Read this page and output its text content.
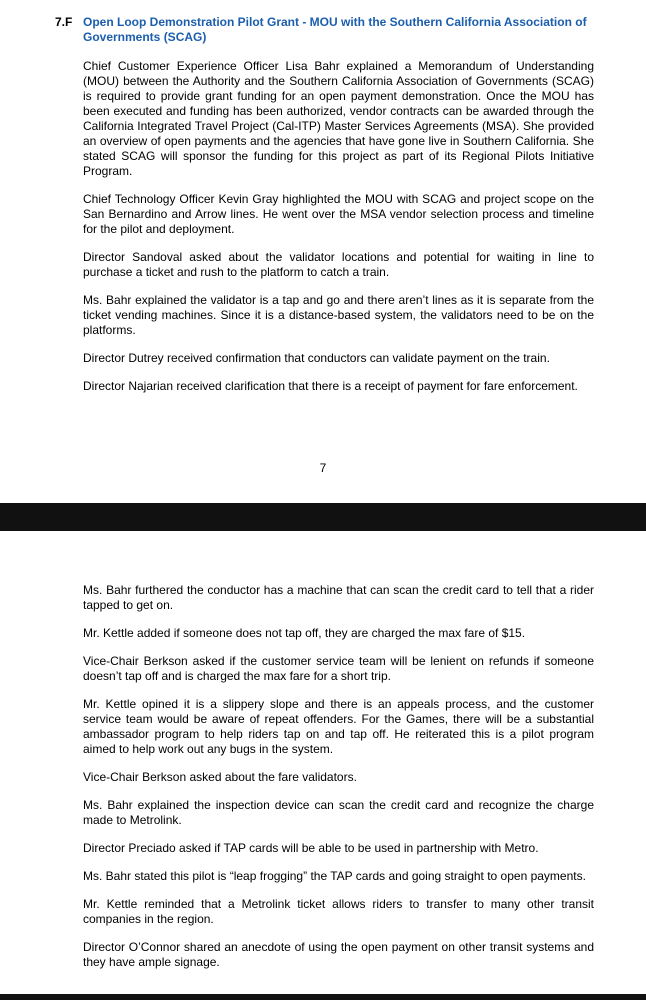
7.F Open Loop Demonstration Pilot Grant - MOU with the Southern California Association of Governments (SCAG)

Chief Customer Experience Officer Lisa Bahr explained a Memorandum of Understanding (MOU) between the Authority and the Southern California Association of Governments (SCAG) is required to provide grant funding for an open payment demonstration. Once the MOU has been executed and funding has been authorized, vendor contracts can be awarded through the California Integrated Travel Project (Cal-ITP) Master Services Agreements (MSA). She provided an overview of open payments and the agencies that have gone live in Southern California. She stated SCAG will sponsor the funding for this project as part of its Regional Pilots Initiative Program.

Chief Technology Officer Kevin Gray highlighted the MOU with SCAG and project scope on the San Bernardino and Arrow lines. He went over the MSA vendor selection process and timeline for the pilot and deployment.

Director Sandoval asked about the validator locations and potential for waiting in line to purchase a ticket and rush to the platform to catch a train.

Ms. Bahr explained the validator is a tap and go and there aren’t lines as it is separate from the ticket vending machines. Since it is a distance-based system, the validators need to be on the platforms.

Director Dutrey received confirmation that conductors can validate payment on the train.

Director Najarian received clarification that there is a receipt of payment for fare enforcement.

7

Ms. Bahr furthered the conductor has a machine that can scan the credit card to tell that a rider tapped to get on.

Mr. Kettle added if someone does not tap off, they are charged the max fare of $15.

Vice-Chair Berkson asked if the customer service team will be lenient on refunds if someone doesn’t tap off and is charged the max fare for a short trip.

Mr. Kettle opined it is a slippery slope and there is an appeals process, and the customer service team would be aware of repeat offenders. For the Games, there will be a substantial ambassador program to help riders tap on and tap off. He reiterated this is a pilot program aimed to help work out any bugs in the system.

Vice-Chair Berkson asked about the fare validators.

Ms. Bahr explained the inspection device can scan the credit card and recognize the charge made to Metrolink.

Director Preciado asked if TAP cards will be able to be used in partnership with Metro.

Ms. Bahr stated this pilot is “leap frogging” the TAP cards and going straight to open payments.

Mr. Kettle reminded that a Metrolink ticket allows riders to transfer to many other transit companies in the region.

Director O’Connor shared an anecdote of using the open payment on other transit systems and they have ample signage.
